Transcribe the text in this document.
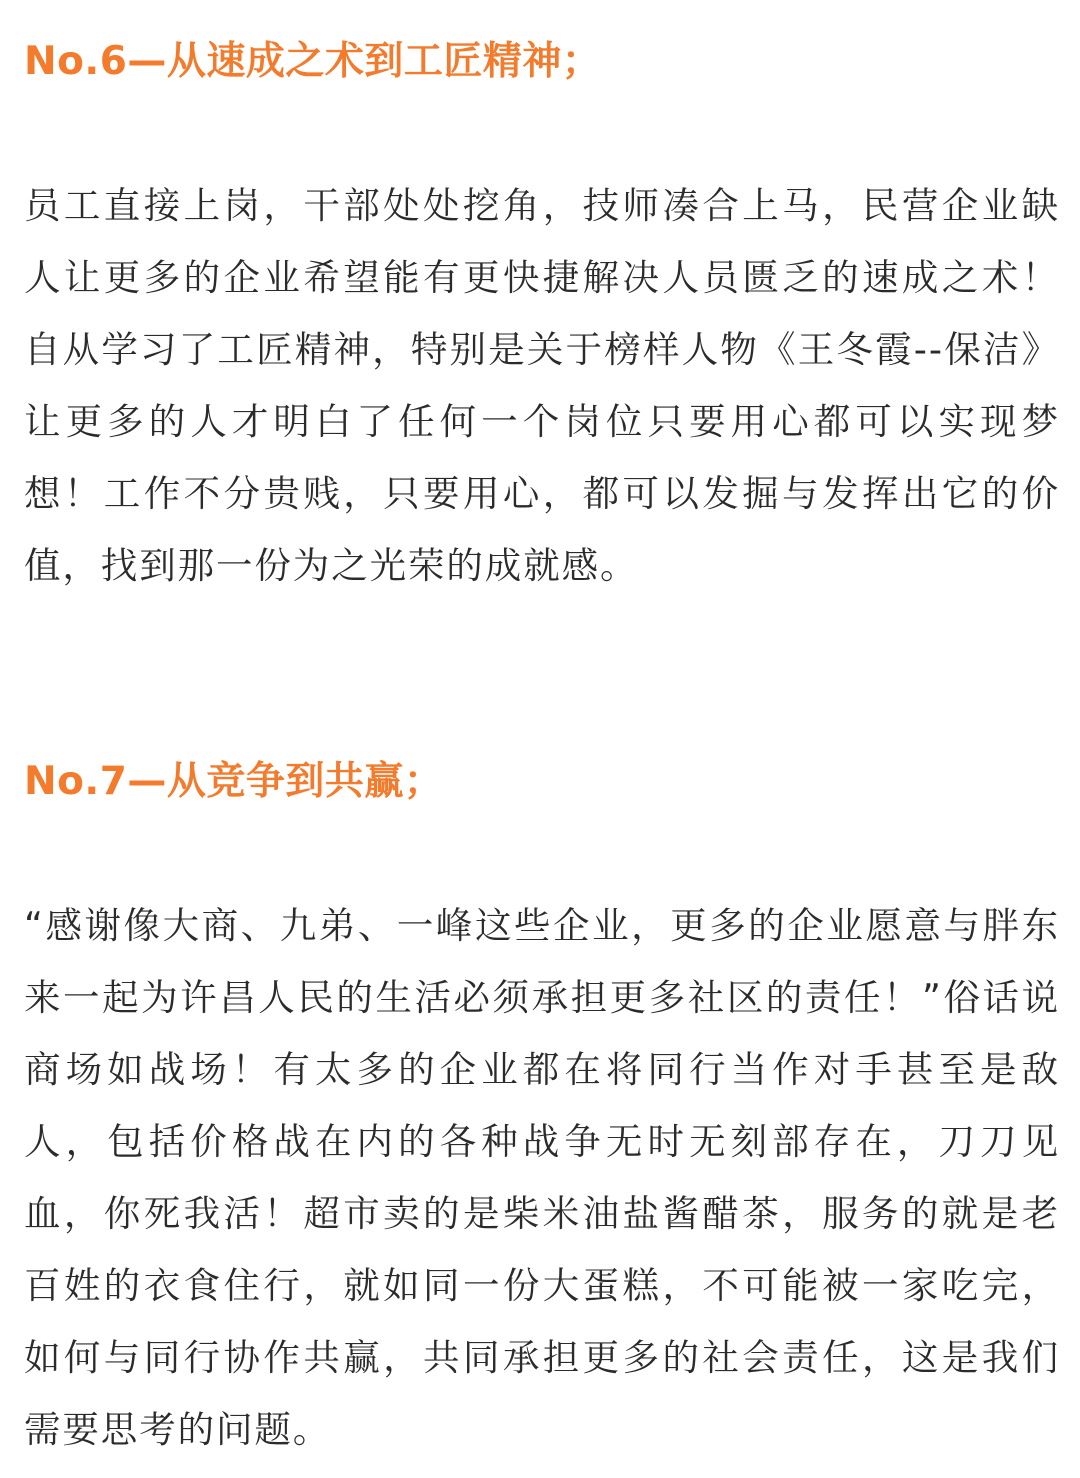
No.6—从速成之术到工匠精神；

员工直接上岗，干部处处挖角，技师凑合上马，民营企业缺人让更多的企业希望能有更快捷解决人员匮乏的速成之术！自从学习了工匠精神，特别是关于榜样人物《王冬霞--保洁》让更多的人才明白了任何一个岗位只要用心都可以实现梦想！工作不分贵贱，只要用心，都可以发掘与发挥出它的价值，找到那一份为之光荣的成就感。

No.7—从竞争到共赢；

“感谢像大商、九弟、一峰这些企业，更多的企业愿意与胖东来一起为许昌人民的生活必须承担更多社区的责任！”俗话说商场如战场！有太多的企业都在将同行当作对手甚至是敌人，包括价格战在内的各种战争无时无刻部存在，刀刀见血，你死我活！超市卖的是柴米油盐酱醋茶，服务的就是老百姓的衣食住行，就如同一份大蛋糕，不可能被一家吃完，如何与同行协作共赢，共同承担更多的社会责任，这是我们需要思考的问题。
